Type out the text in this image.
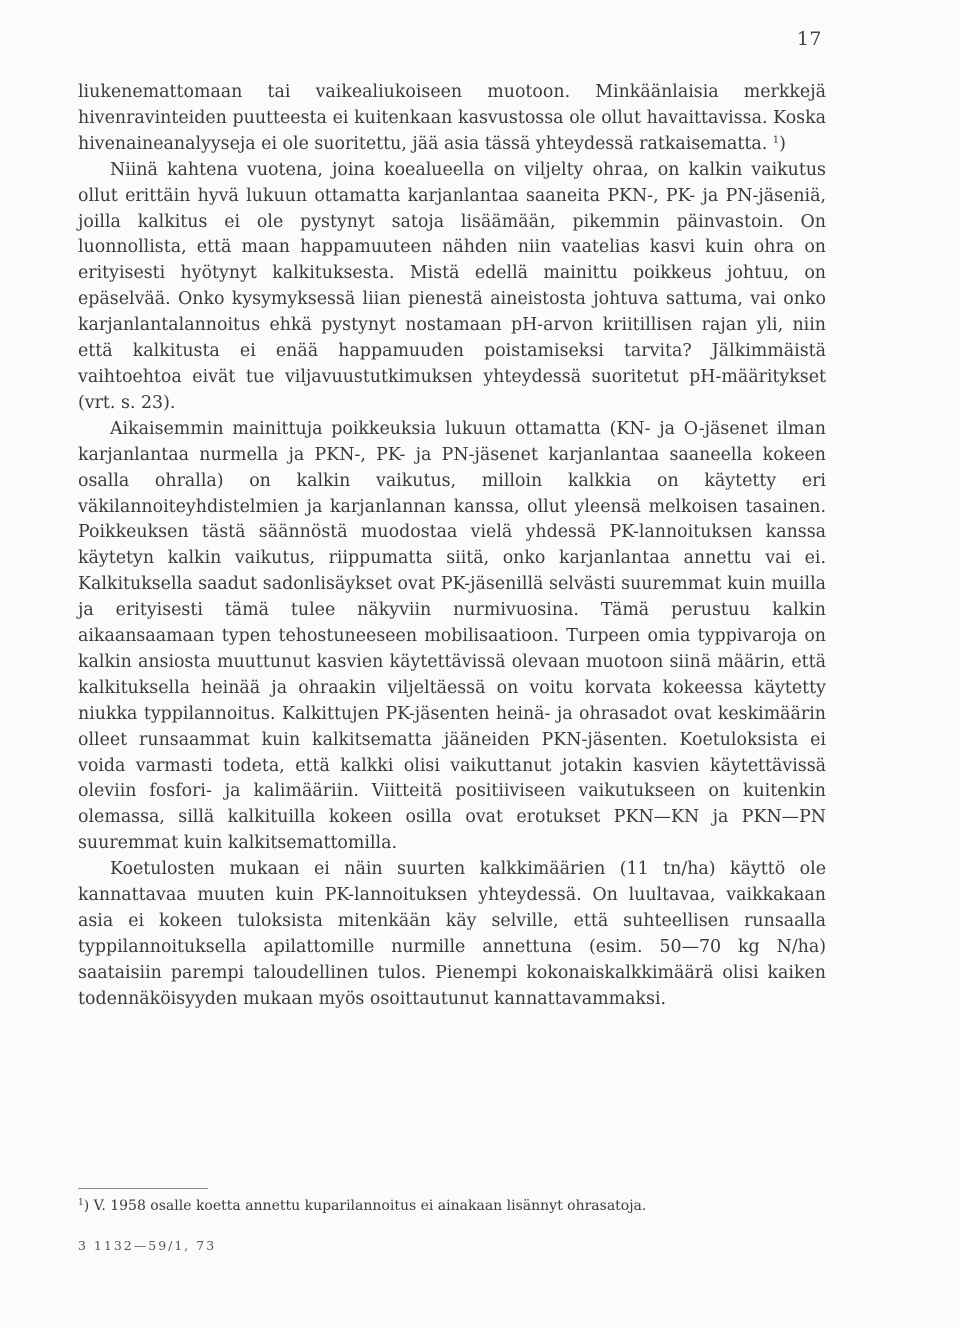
17

liukenemattomaan tai vaikealiukoiseen muotoon. Minkäänlaisia merkkejä hivenravinteiden puutteesta ei kuitenkaan kasvustossa ole ollut havaittavissa. Koska hivenaineanalyyseja ei ole suoritettu, jää asia tässä yhteydessä ratkaisematta. $^1$)

Niinä kahtena vuotena, joina koealueella on viljelty ohraa, on kalkin vaikutus ollut erittäin hyvä lukuun ottamatta karjanlantaa saaneita PKN-, PK- ja PN-jäseniä, joilla kalkitus ei ole pystynyt satoja lisäämään, pikemmin päinvastoin. On luonnollista, että maan happamuuteen nähden niin vaatelias kasvi kuin ohra on erityisesti hyötynyt kalkituksesta. Mistä edellä mainittu poikkeus johtuu, on epäselvää. Onko kysymyksessä liian pienestä aineistosta johtuva sattuma, vai onko karjanlantalannoitus ehkä pystynyt nostamaan pH-arvon kriitillisen rajan yli, niin että kalkitusta ei enää happamuuden poistamiseksi tarvita? Jälkimmäistä vaihtoehtoa eivät tue viljavuustutkimuksen yhteydessä suoritetut pH-määritykset (vrt. s. 23).

Aikaisemmin mainittuja poikkeuksia lukuun ottamatta (KN- ja O-jäsenet ilman karjanlantaa nurmella ja PKN-, PK- ja PN-jäsenet karjanlantaa saaneella kokeen osalla ohralla) on kalkin vaikutus, milloin kalkkia on käytetty eri väkilannoiteyhdistelmien ja karjanlannan kanssa, ollut yleensä melkoisen tasainen. Poikkeuksen tästä säännöstä muodostaa vielä yhdessä PK-lannoituksen kanssa käytetyn kalkin vaikutus, riippumatta siitä, onko karjanlantaa annettu vai ei. Kalkituksella saadut sadonlisäykset ovat PK-jäsenillä selvästi suuremmat kuin muilla ja erityisesti tämä tulee näkyviin nurmivuosina. Tämä perustuu kalkin aikaansaamaan typen tehostuneeseen mobilisaatioon. Turpeen omia typpivaroja on kalkin ansiosta muuttunut kasvien käytettävissä olevaan muotoon siinä määrin, että kalkituksella heinää ja ohraakin viljeltäessä on voitu korvata kokeessa käytetty niukka typpilannoitus. Kalkittujen PK-jäsenten heinä- ja ohrasadot ovat keskimäärin olleet runsaammat kuin kalkitsematta jääneiden PKN-jäsenten. Koetuloksista ei voida varmasti todeta, että kalkki olisi vaikuttanut jotakin kasvien käytettävissä oleviin fosfori- ja kalimääriin. Viitteitä positiiviseen vaikutukseen on kuitenkin olemassa, sillä kalkituilla kokeen osilla ovat erotukset PKN—KN ja PKN—PN suuremmat kuin kalkitsemattomilla.

Koetulosten mukaan ei näin suurten kalkkimäärien (11 tn/ha) käyttö ole kannattavaa muuten kuin PK-lannoituksen yhteydessä. On luultavaa, vaikkakaan asia ei kokeen tuloksista mitenkään käy selville, että suhteellisen runsaalla typpilannoituksella apilattomille nurmille annettuna (esim. 50—70 kg N/ha) saataisiin parempi taloudellinen tulos. Pienempi kokonaiskalkkimäärä olisi kaiken todennäköisyyden mukaan myös osoittautunut kannattavammaksi.

$^1$) V. 1958 osalle koetta annettu kuparilannoitus ei ainakaan lisännyt ohrasatoja.
3 1132—59/1, 73
